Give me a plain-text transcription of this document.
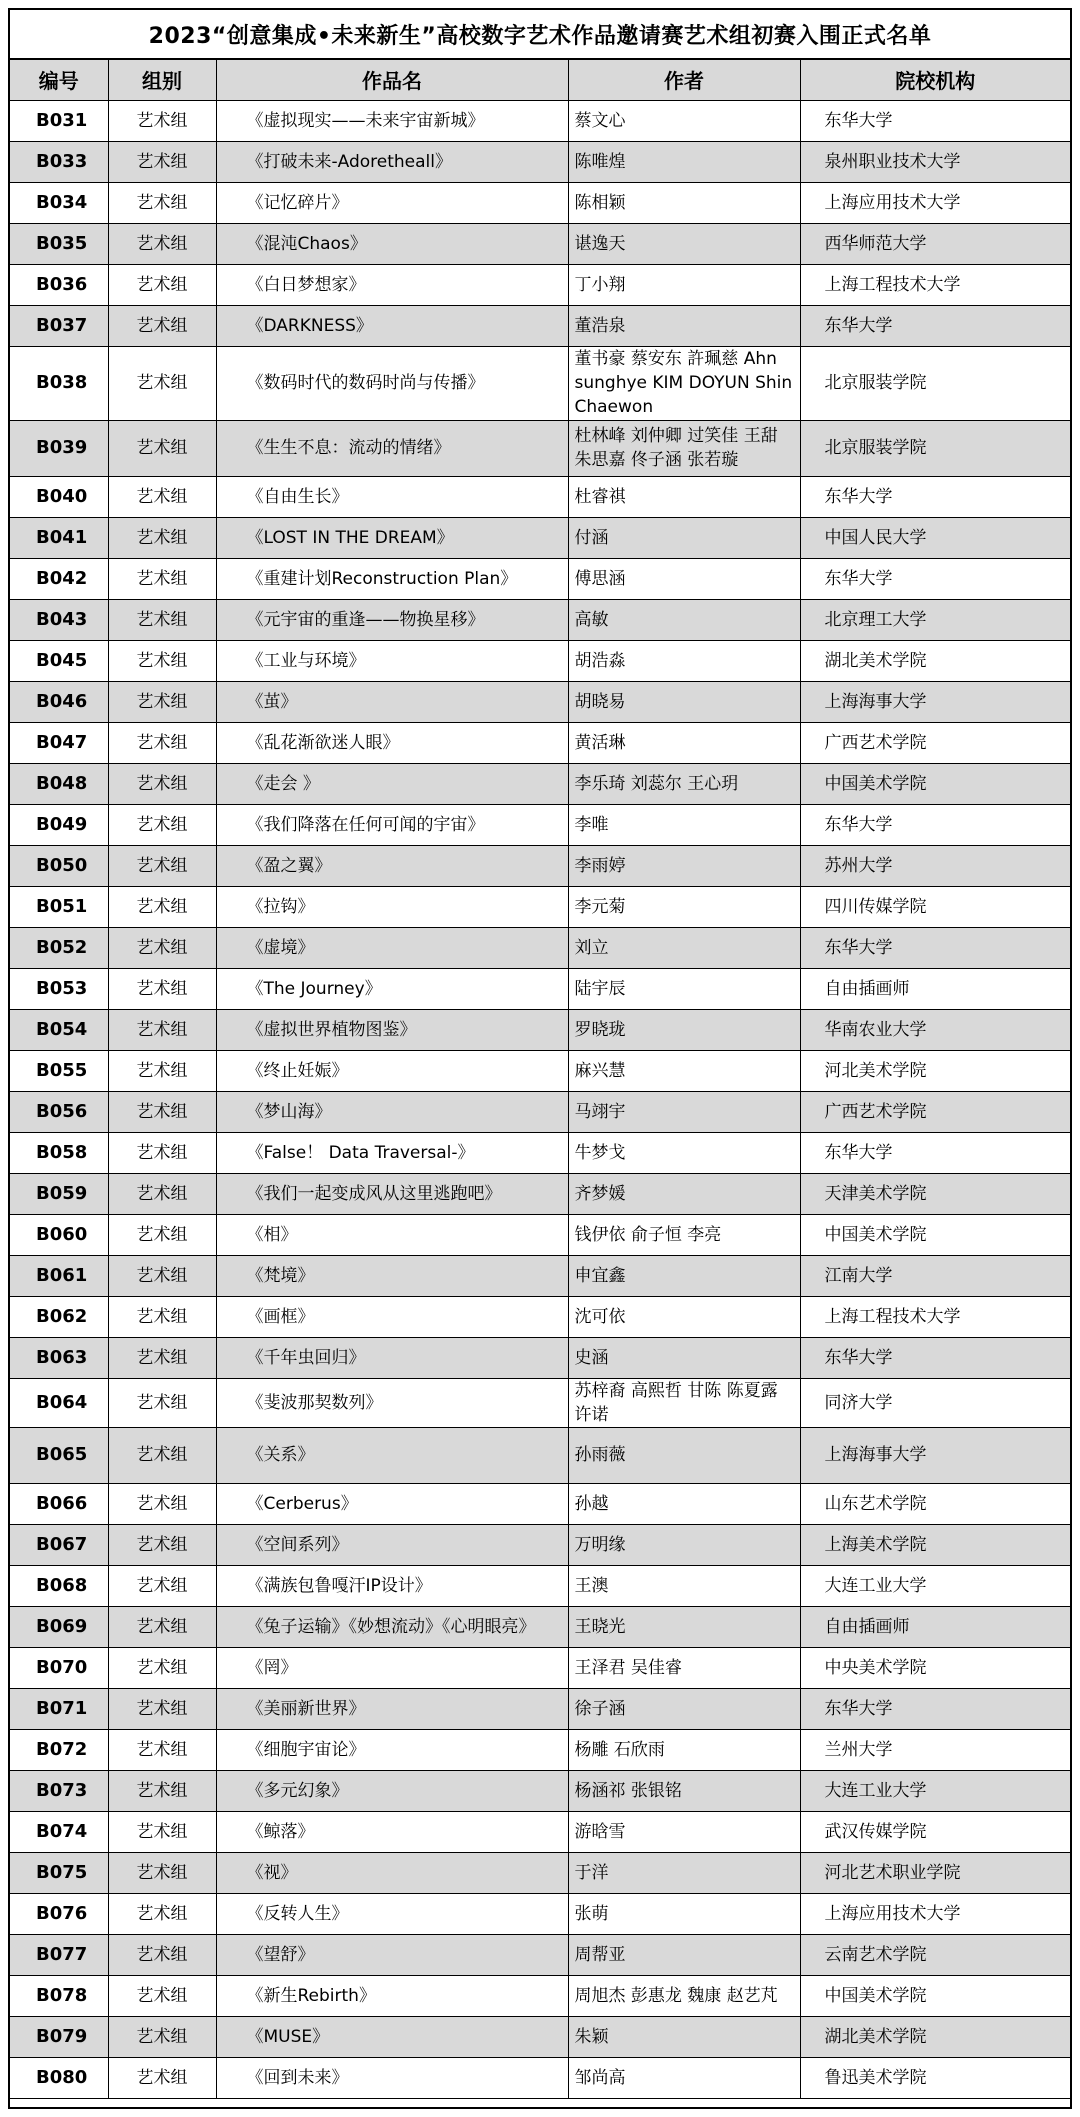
2023“创意集成•未来新生”高校数字艺术作品邀请赛艺术组初赛入围正式名单
编号	组别	作品名	作者	院校机构
B031	艺术组	《虚拟现实——未来宇宙新城》	蔡文心	东华大学
B033	艺术组	《打破未来-Adoretheall》	陈唯煌	泉州职业技术大学
B034	艺术组	《记忆碎片》	陈相颖	上海应用技术大学
B035	艺术组	《混沌Chaos》	谌逸天	西华师范大学
B036	艺术组	《白日梦想家》	丁小翔	上海工程技术大学
B037	艺术组	《DARKNESS》	董浩泉	东华大学
B038	艺术组	《数码时代的数码时尚与传播》	董书豪 蔡安东 許珮慈 Ahn sunghye KIM DOYUN Shin Chaewon	北京服装学院
B039	艺术组	《生生不息：流动的情绪》	杜林峰 刘仲卿 过笑佳 王甜 朱思嘉 佟子涵 张若璇	北京服装学院
B040	艺术组	《自由生长》	杜睿祺	东华大学
B041	艺术组	《LOST IN THE DREAM》	付涵	中国人民大学
B042	艺术组	《重建计划Reconstruction Plan》	傅思涵	东华大学
B043	艺术组	《元宇宙的重逢——物换星移》	高敏	北京理工大学
B045	艺术组	《工业与环境》	胡浩淼	湖北美术学院
B046	艺术组	《茧》	胡晓易	上海海事大学
B047	艺术组	《乱花渐欲迷人眼》	黄活琳	广西艺术学院
B048	艺术组	《走会 》	李乐琦 刘蕊尔 王心玥	中国美术学院
B049	艺术组	《我们降落在任何可闻的宇宙》	李唯	东华大学
B050	艺术组	《盈之翼》	李雨婷	苏州大学
B051	艺术组	《拉钩》	李元菊	四川传媒学院
B052	艺术组	《虚境》	刘立	东华大学
B053	艺术组	《The Journey》	陆宇辰	自由插画师
B054	艺术组	《虚拟世界植物图鉴》	罗晓珑	华南农业大学
B055	艺术组	《终止妊娠》	麻兴慧	河北美术学院
B056	艺术组	《梦山海》	马翊宇	广西艺术学院
B058	艺术组	《False！ Data Traversal-》	牛梦戈	东华大学
B059	艺术组	《我们一起变成风从这里逃跑吧》	齐梦媛	天津美术学院
B060	艺术组	《相》	钱伊依 俞子恒 李亮	中国美术学院
B061	艺术组	《梵境》	申宜鑫	江南大学
B062	艺术组	《画框》	沈可依	上海工程技术大学
B063	艺术组	《千年虫回归》	史涵	东华大学
B064	艺术组	《斐波那契数列》	苏梓裔 高熙哲 甘陈 陈夏露 许诺	同济大学
B065	艺术组	《关系》	孙雨薇	上海海事大学
B066	艺术组	《Cerberus》	孙越	山东艺术学院
B067	艺术组	《空间系列》	万明缘	上海美术学院
B068	艺术组	《满族包鲁嘎汗IP设计》	王澳	大连工业大学
B069	艺术组	《兔子运输》《妙想流动》《心明眼亮》	王晓光	自由插画师
B070	艺术组	《罔》	王泽君 吴佳睿	中央美术学院
B071	艺术组	《美丽新世界》	徐子涵	东华大学
B072	艺术组	《细胞宇宙论》	杨雕 石欣雨	兰州大学
B073	艺术组	《多元幻象》	杨涵祁 张银铭	大连工业大学
B074	艺术组	《鲸落》	游晗雪	武汉传媒学院
B075	艺术组	《视》	于洋	河北艺术职业学院
B076	艺术组	《反转人生》	张萌	上海应用技术大学
B077	艺术组	《望舒》	周帮亚	云南艺术学院
B078	艺术组	《新生Rebirth》	周旭杰 彭惠龙 魏康 赵艺芃	中国美术学院
B079	艺术组	《MUSE》	朱颖	湖北美术学院
B080	艺术组	《回到未来》	邹尚高	鲁迅美术学院
